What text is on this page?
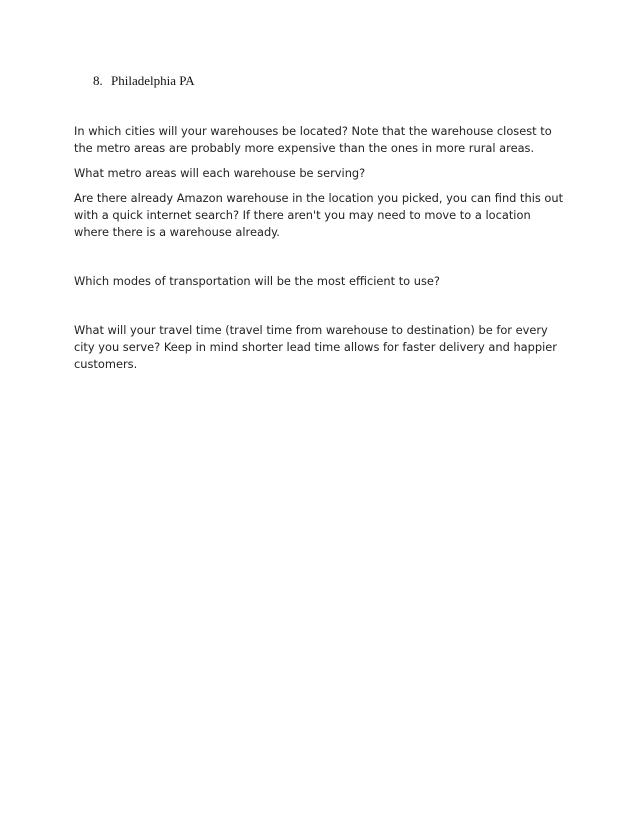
8. Philadelphia PA

In which cities will your warehouses be located? Note that the warehouse closest to the metro areas are probably more expensive than the ones in more rural areas.

What metro areas will each warehouse be serving?

Are there already Amazon warehouse in the location you picked, you can find this out with a quick internet search? If there aren't you may need to move to a location where there is a warehouse already.

Which modes of transportation will be the most efficient to use?

What will your travel time (travel time from warehouse to destination) be for every city you serve? Keep in mind shorter lead time allows for faster delivery and happier customers.
